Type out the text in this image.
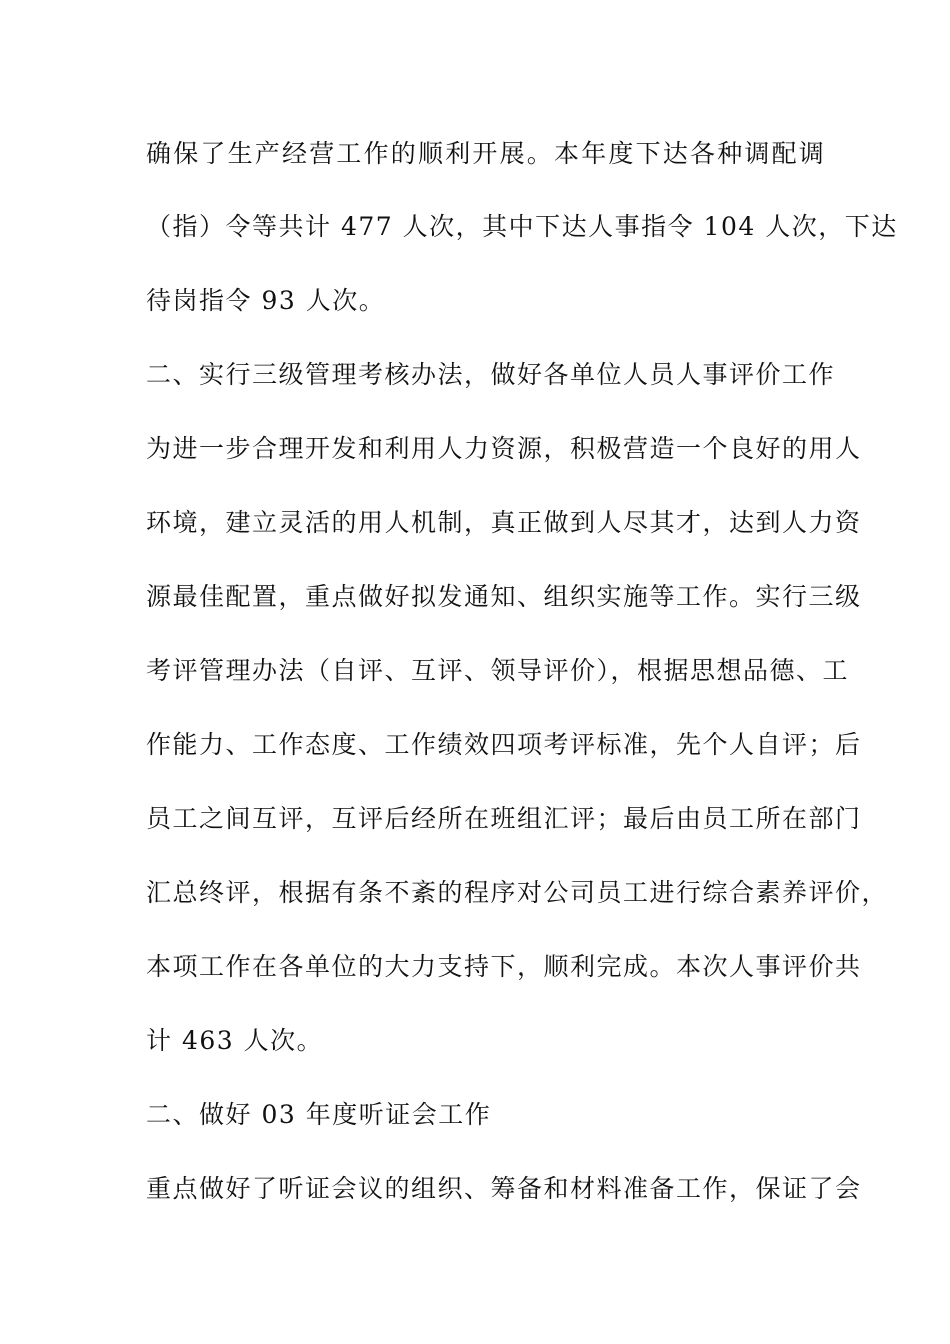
确保了生产经营工作的顺利开展。本年度下达各种调配调
（指）令等共计 477 人次，其中下达人事指令 104 人次，下达
待岗指令 93 人次。
二、实行三级管理考核办法，做好各单位人员人事评价工作
为进一步合理开发和利用人力资源，积极营造一个良好的用人
环境，建立灵活的用人机制，真正做到人尽其才，达到人力资
源最佳配置，重点做好拟发通知、组织实施等工作。实行三级
考评管理办法（自评、互评、领导评价），根据思想品德、工
作能力、工作态度、工作绩效四项考评标准，先个人自评；后
员工之间互评，互评后经所在班组汇评；最后由员工所在部门
汇总终评，根据有条不紊的程序对公司员工进行综合素养评价，
本项工作在各单位的大力支持下，顺利完成。本次人事评价共
计 463 人次。
二、做好 03 年度听证会工作
重点做好了听证会议的组织、筹备和材料准备工作，保证了会
